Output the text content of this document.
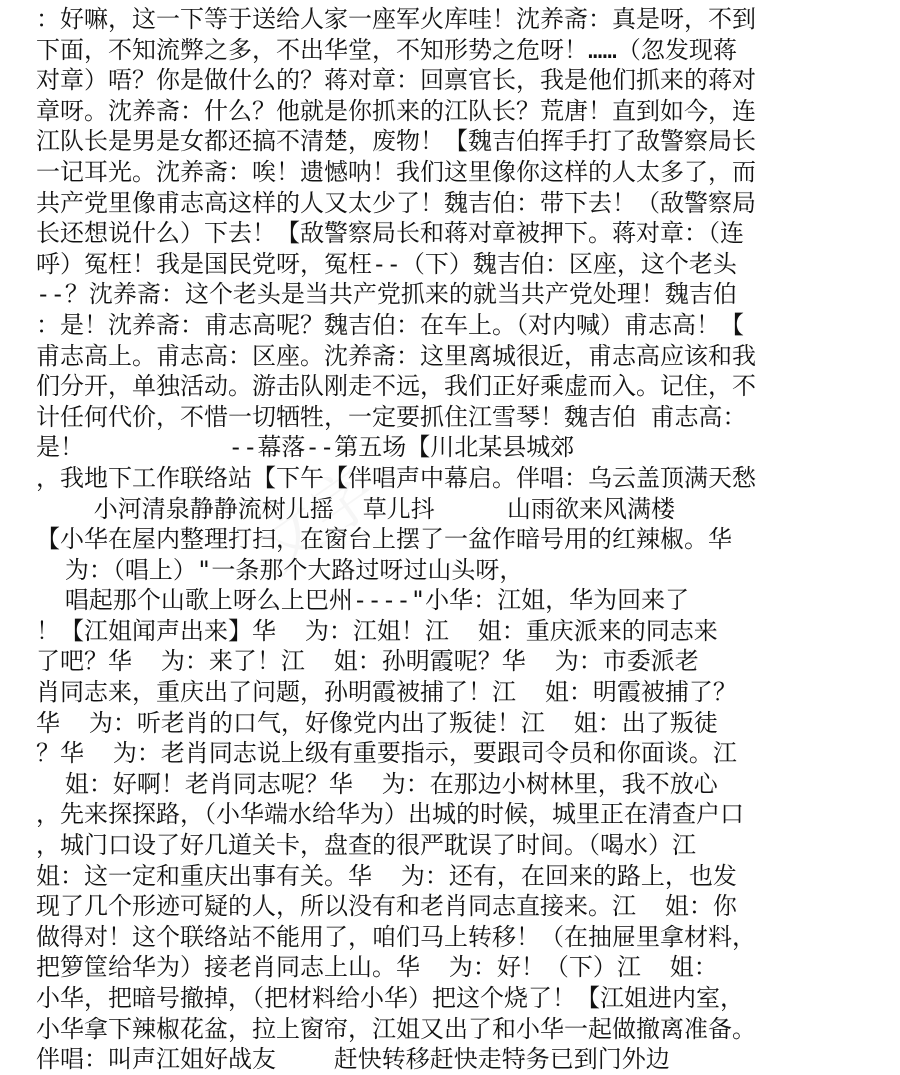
：好嘛，这一下等于送给人家一座军火库哇！沈养斋：真是呀，不到
下面，不知流弊之多，不出华堂，不知形势之危呀！……（忽发现蒋
对章）唔？你是做什么的？蒋对章：回禀官长，我是他们抓来的蒋对
章呀。沈养斋：什么？他就是你抓来的江队长？荒唐！直到如今，连
江队长是男是女都还搞不清楚，废物！【魏吉伯挥手打了敌警察局长
一记耳光。沈养斋：唉！遗憾呐！我们这里像你这样的人太多了，而
共产党里像甫志高这样的人又太少了！魏吉伯：带下去！（敌警察局
长还想说什么）下去！【敌警察局长和蒋对章被押下。蒋对章：（连
呼）冤枉！我是国民党呀，冤枉--（下）魏吉伯：区座，这个老头
--？沈养斋：这个老头是当共产党抓来的就当共产党处理！魏吉伯
：是！沈养斋：甫志高呢？魏吉伯：在车上。（对内喊）甫志高！【
甫志高上。甫志高：区座。沈养斋：这里离城很近，甫志高应该和我
们分开，单独活动。游击队刚走不远，我们正好乘虚而入。记住，不
计任何代价，不惜一切牺牲，一定要抓住江雪琴！魏吉伯 甫志高：
是！          --幕落--第五场【川北某县城郊
，我地下工作联络站【下午【伴唱声中幕启。伴唱：乌云盖顶满天愁
小河清泉静静流树儿摇  草儿抖     山雨欲来风满楼
【小华在屋内整理打扫，在窗台上摆了一盆作暗号用的红辣椒。华
为：（唱上）"一条那个大路过呀过山头呀，
唱起那个山歌上呀么上巴州----"小华：江姐，华为回来了
！【江姐闻声出来】华  为：江姐！江  姐：重庆派来的同志来
了吧？华  为：来了！江  姐：孙明霞呢？华  为：市委派老
肖同志来，重庆出了问题，孙明霞被捕了！江  姐：明霞被捕了？
华  为：听老肖的口气，好像党内出了叛徒！江  姐：出了叛徒
？华  为：老肖同志说上级有重要指示，要跟司令员和你面谈。江
姐：好啊！老肖同志呢？华  为：在那边小树林里，我不放心
，先来探探路，（小华端水给华为）出城的时候，城里正在清查户口
，城门口设了好几道关卡，盘查的很严耽误了时间。（喝水）江
姐：这一定和重庆出事有关。华  为：还有，在回来的路上，也发
现了几个形迹可疑的人，所以没有和老肖同志直接来。江  姐：你
做得对！这个联络站不能用了，咱们马上转移！（在抽屉里拿材料，
把箩筐给华为）接老肖同志上山。华  为：好！（下）江  姐：
小华，把暗号撤掉，（把材料给小华）把这个烧了！【江姐进内室，
小华拿下辣椒花盆，拉上窗帘，江姐又出了和小华一起做撤离准备。
伴唱：叫声江姐好战友    赶快转移赶快走特务已到门外边
